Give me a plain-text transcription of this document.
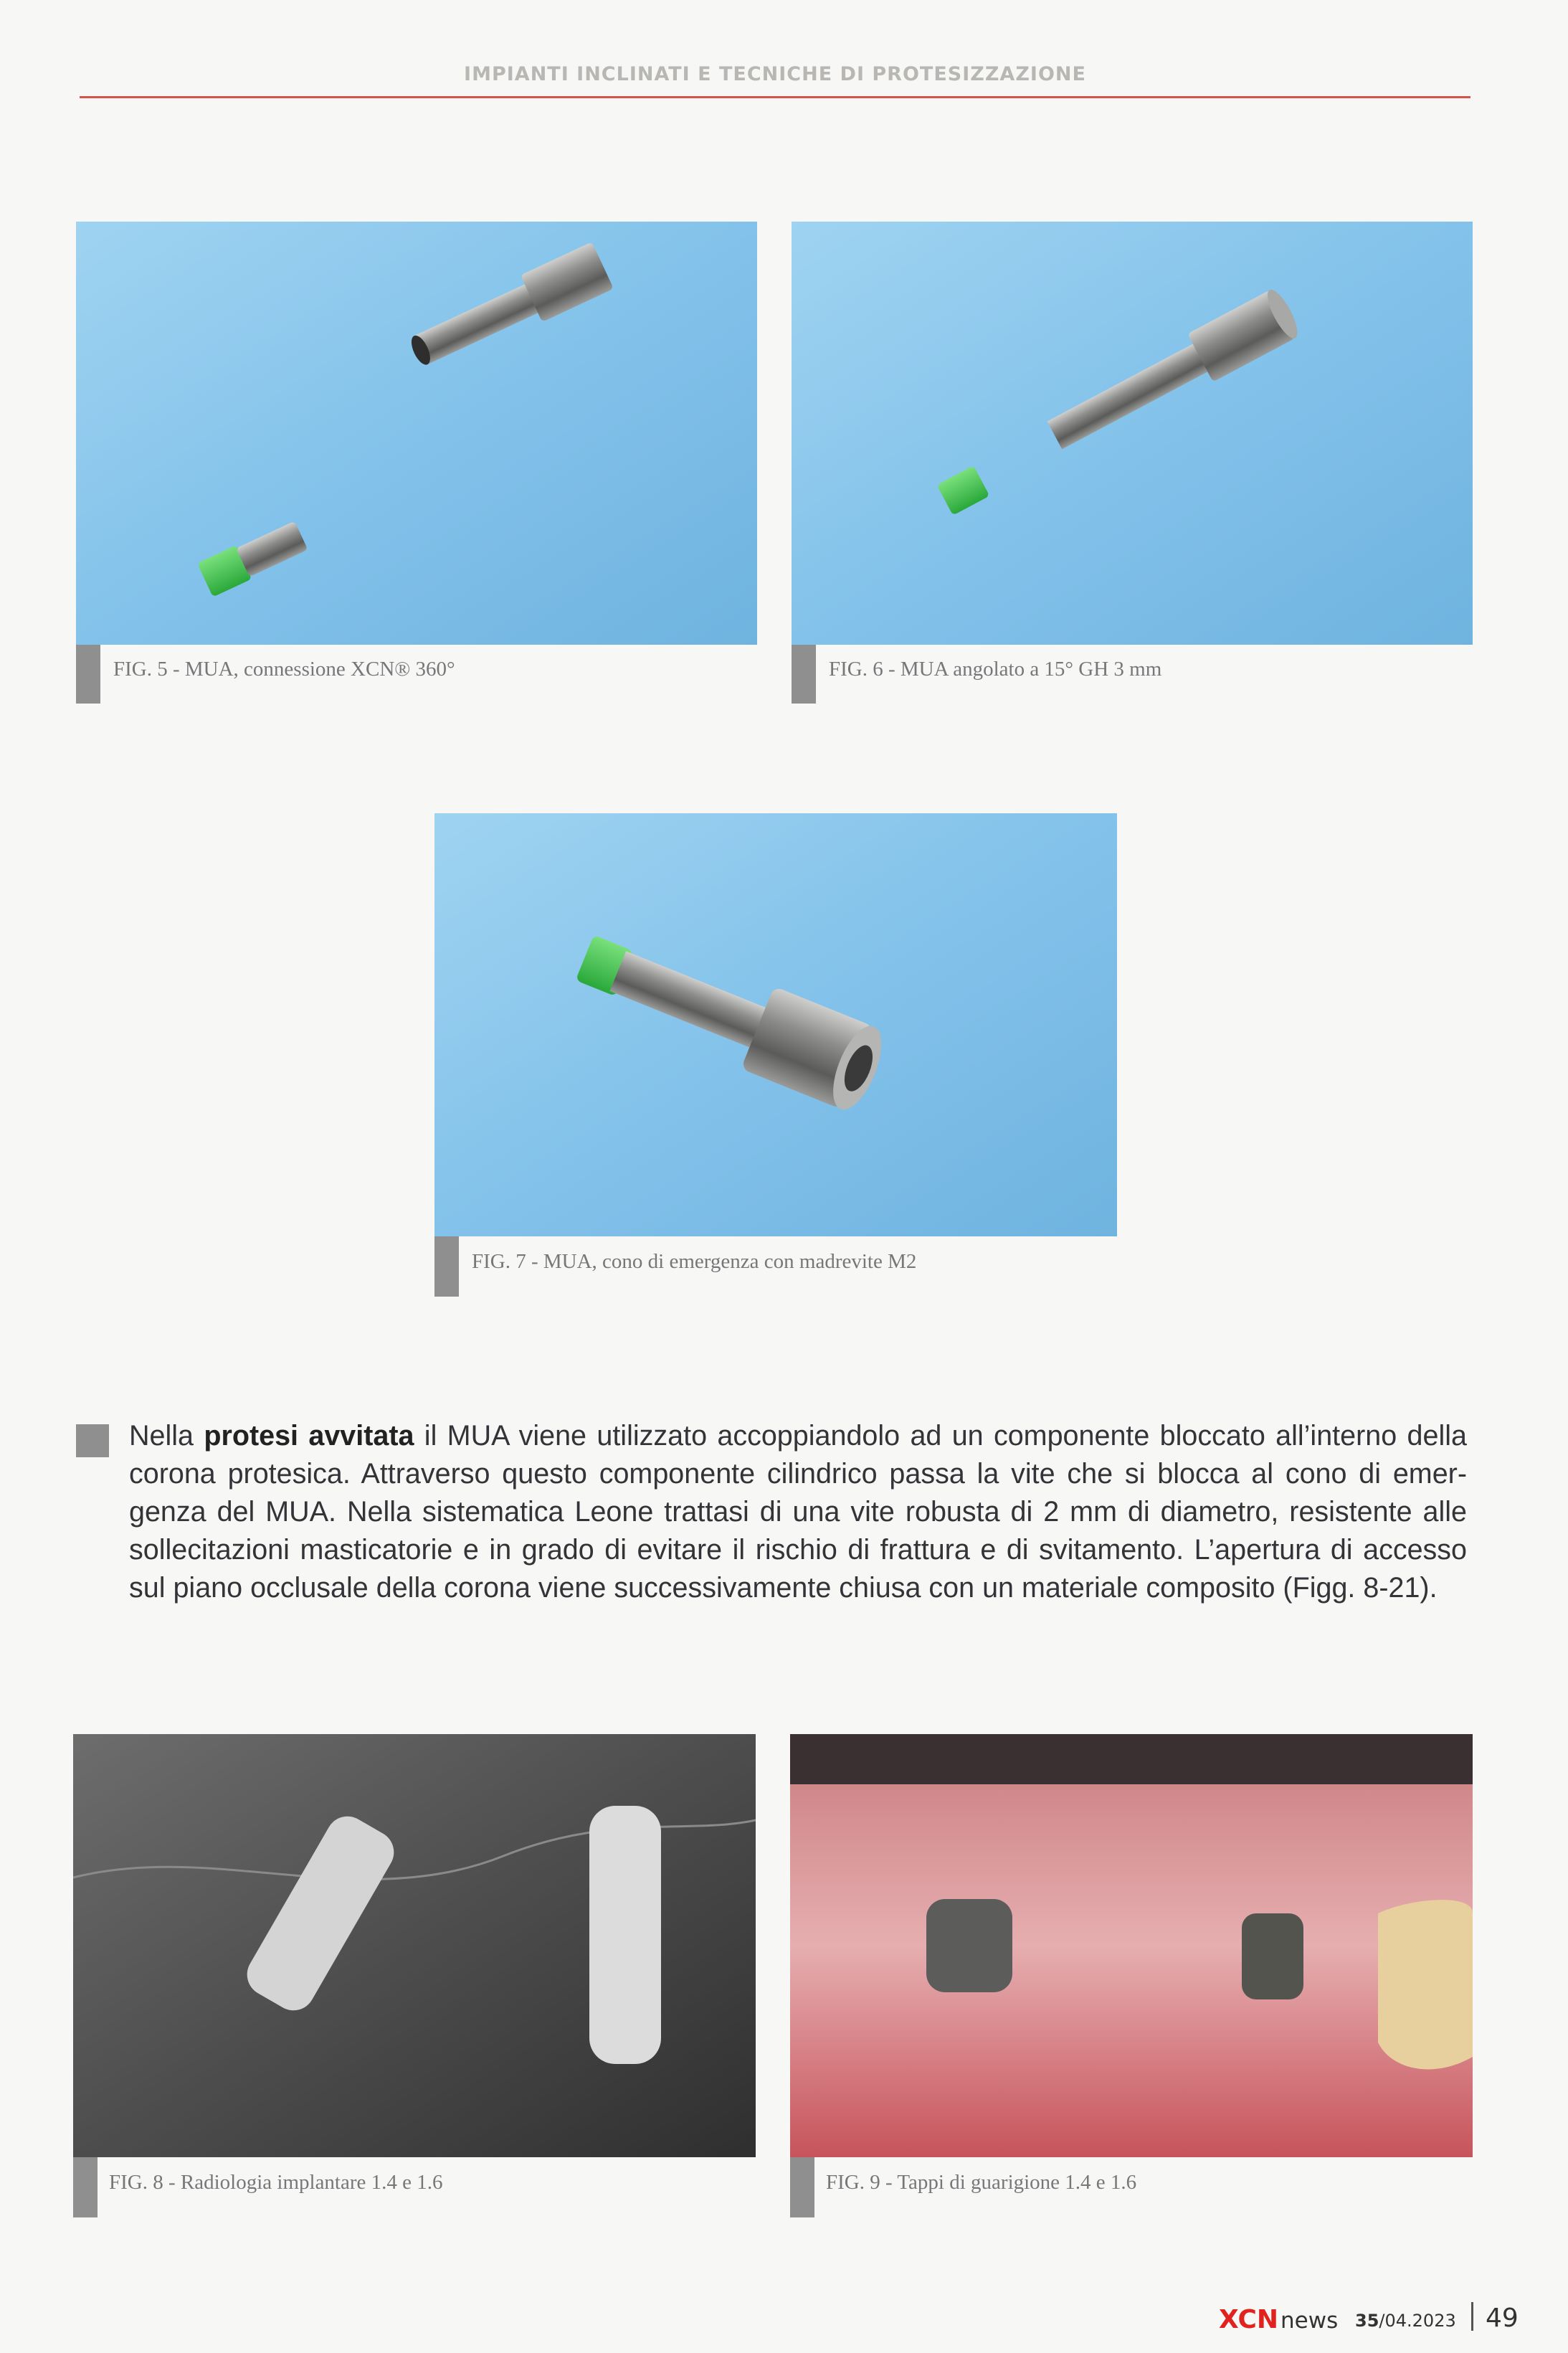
IMPIANTI INCLINATI E TECNICHE DI PROTESIZZAZIONE
FIG. 5 - MUA, connessione XCN® 360°	FIG. 6 - MUA angolato a 15° GH 3 mm
FIG. 7 - MUA, cono di emergenza con madrevite M2
Nella protesi avvitata il MUA viene utilizzato accoppiandolo ad un componente bloccato all’interno della
corona protesica. Attraverso questo componente cilindrico passa la vite che si blocca al cono di emer-
genza del MUA. Nella sistematica Leone trattasi di una vite robusta di 2 mm di diametro, resistente alle
sollecitazioni masticatorie e in grado di evitare il rischio di frattura e di svitamento. L’apertura di accesso
sul piano occlusale della corona viene successivamente chiusa con un materiale composito (Figg. 8-21).
FIG. 8 - Radiologia implantare 1.4 e 1.6	FIG. 9 - Tappi di guarigione 1.4 e 1.6
XCN news 35/04.2023 49
